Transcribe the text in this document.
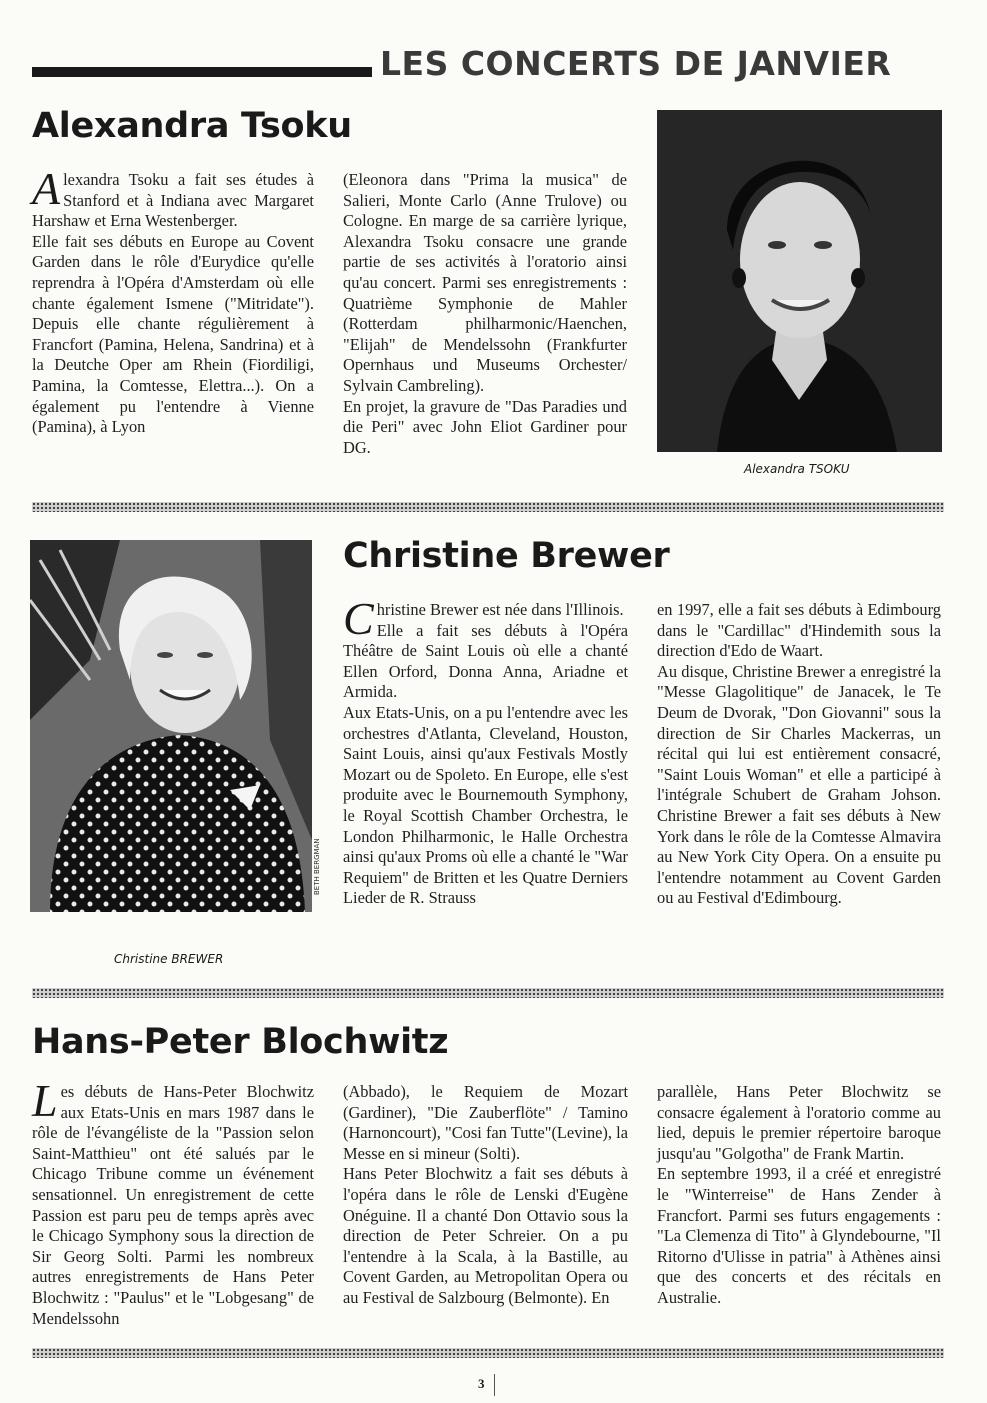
LES CONCERTS DE JANVIER
Alexandra Tsoku
A lexandra Tsoku a fait ses études à Stanford et à Indiana avec Margaret Harshaw et Erna Westenberger.

Elle fait ses débuts en Europe au Covent Garden dans le rôle d'Eurydice qu'elle reprendra à l'Opéra d'Amsterdam où elle chante également Ismene ("Mitridate"). Depuis elle chante régulièrement à Francfort (Pamina, Helena, Sandrina) et à la Deutche Oper am Rhein (Fiordiligi, Pamina, la Comtesse, Elettra...). On a également pu l'entendre à Vienne (Pamina), à Lyon

(Eleonora dans "Prima la musica" de Salieri, Monte Carlo (Anne Trulove) ou Cologne. En marge de sa carrière lyrique, Alexandra Tsoku consacre une grande partie de ses activités à l'oratorio ainsi qu'au concert. Parmi ses enregistrements : Quatrième Symphonie de Mahler (Rotterdam philharmonic/Haenchen, "Elijah" de Mendelssohn (Frankfurter Opernhaus und Museums Orchester/ Sylvain Cambreling).

En projet, la gravure de "Das Paradies und die Peri" avec John Eliot Gardiner pour DG.

Alexandra TSOKU
BETH BERGMAN
Christine BREWER
Christine Brewer
C hristine Brewer est née dans l'Illinois.

Elle a fait ses débuts à l'Opéra Théâtre de Saint Louis où elle a chanté Ellen Orford, Donna Anna, Ariadne et Armida.

Aux Etats-Unis, on a pu l'entendre avec les orchestres d'Atlanta, Cleveland, Houston, Saint Louis, ainsi qu'aux Festivals Mostly Mozart ou de Spoleto. En Europe, elle s'est produite avec le Bournemouth Symphony, le Royal Scottish Chamber Orchestra, le London Philharmonic, le Halle Orchestra ainsi qu'aux Proms où elle a chanté le "War Requiem" de Britten et les Quatre Derniers Lieder de R. Strauss

en 1997, elle a fait ses débuts à Edimbourg dans le "Cardillac" d'Hindemith sous la direction d'Edo de Waart.

Au disque, Christine Brewer a enregistré la "Messe Glagolitique" de Janacek, le Te Deum de Dvorak, "Don Giovanni" sous la direction de Sir Charles Mackerras, un récital qui lui est entièrement consacré, "Saint Louis Woman" et elle a participé à l'intégrale Schubert de Graham Johson. Christine Brewer a fait ses débuts à New York dans le rôle de la Comtesse Almavira au New York City Opera. On a ensuite pu l'entendre notamment au Covent Garden ou au Festival d'Edimbourg.

Hans-Peter Blochwitz
L es débuts de Hans-Peter Blochwitz aux Etats-Unis en mars 1987 dans le rôle de l'évangéliste de la "Passion selon Saint-Matthieu" ont été salués par le Chicago Tribune comme un événement sensationnel. Un enregistrement de cette Passion est paru peu de temps après avec le Chicago Symphony sous la direction de Sir Georg Solti. Parmi les nombreux autres enregistrements de Hans Peter Blochwitz : "Paulus" et le "Lobgesang" de Mendelssohn

(Abbado), le Requiem de Mozart (Gardiner), "Die Zauberflöte" / Tamino (Harnoncourt), "Cosi fan Tutte"(Levine), la Messe en si mineur (Solti).

Hans Peter Blochwitz a fait ses débuts à l'opéra dans le rôle de Lenski d'Eugène Onéguine. Il a chanté Don Ottavio sous la direction de Peter Schreier. On a pu l'entendre à la Scala, à la Bastille, au Covent Garden, au Metropolitan Opera ou au Festival de Salzbourg (Belmonte). En

parallèle, Hans Peter Blochwitz se consacre également à l'oratorio comme au lied, depuis le premier répertoire baroque jusqu'au "Golgotha" de Frank Martin.

En septembre 1993, il a créé et enregistré le "Winterreise" de Hans Zender à Francfort. Parmi ses futurs engagements : "La Clemenza di Tito" à Glyndebourne, "Il Ritorno d'Ulisse in patria" à Athènes ainsi que des concerts et des récitals en Australie.

3
